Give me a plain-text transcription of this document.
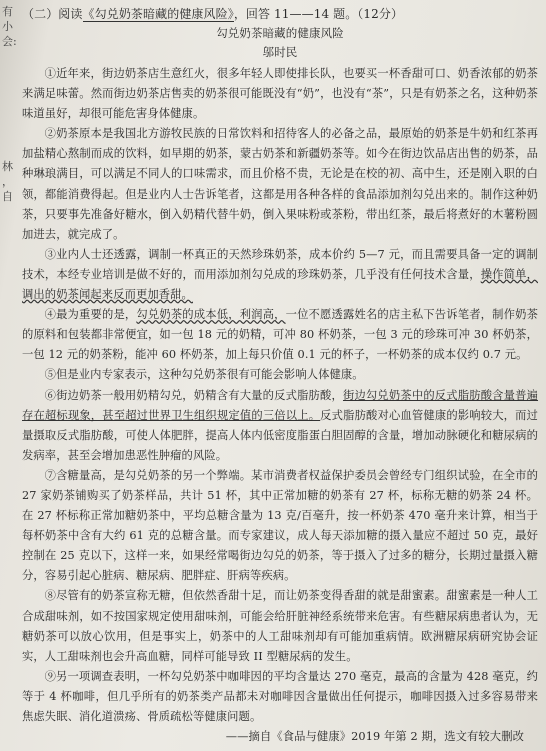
有
小
会:
林
，
自
（二）阅读《勾兑奶茶暗藏的健康风险》，回答 11——14 题。（12分）
勾兑奶茶暗藏的健康风险
邬时民

①近年来，街边奶茶店生意红火，很多年轻人即使排长队，也要买一杯香甜可口、奶香浓郁的奶茶来满足味蕾。然而街边奶茶店售卖的奶茶很可能既没有“奶”，也没有“茶”，只是有奶茶之名，这种奶茶味道虽好，却很可能危害身体健康。

②奶茶原本是我国北方游牧民族的日常饮料和招待客人的必备之品，最原始的奶茶是牛奶和红茶再加盐精心熬制而成的饮料，如早期的奶茶，蒙古奶茶和新疆奶茶等。如今在街边饮品店出售的奶茶，品种琳琅满目，可以满足不同人的口味需求，而且价格不贵，无论是在校的初、高中生，还是刚入职的白领，都能消费得起。但是业内人士告诉笔者，这都是用各种各样的食品添加剂勾兑出来的。制作这种奶茶，只要事先准备好糖水，倒入奶精代替牛奶，倒入果味粉或茶粉，带出红茶，最后将煮好的木薯粉圆加进去，就完成了。

③业内人士还透露，调制一杯真正的天然珍珠奶茶，成本价约 5—7 元，而且需要具备一定的调制技术，本经专业培训是做不好的，而用添加剂勾兑成的珍珠奶茶，几乎没有任何技术含量，操作简单，调出的奶茶闻起来反而更加香甜。

④最为重要的是，勾兑奶茶的成本低，利润高，一位不愿透露姓名的店主私下告诉笔者，制作奶茶的原料和包装都非常便宜，如一包 18 元的奶精，可冲 80 杯奶茶，一包 3 元的珍珠可冲 30 杯奶茶，一包 12 元的奶茶粉，能冲 60 杯奶茶，加上每只价值 0.1 元的杯子，一杯奶茶的成本仅约 0.7 元。

⑤但是业内专家表示，这种勾兑奶茶很有可能会影响人体健康。

⑥街边奶茶一般用奶精勾兑，奶精含有大量的反式脂肪酸，街边勾兑奶茶中的反式脂肪酸含量普遍存在超标现象，甚至超过世界卫生组织规定值的三倍以上。反式脂肪酸对心血管健康的影响较大，而过量摄取反式脂肪酸，可使人体肥胖，提高人体内低密度脂蛋白胆固醇的含量，增加动脉硬化和糖尿病的发病率，甚至会增加患恶性肿瘤的风险。

⑦含糖量高，是勾兑奶茶的另一个弊端。某市消费者权益保护委员会曾经专门组织试验，在全市的 27 家奶茶铺购买了奶茶样品，共计 51 杯，其中正常加糖的奶茶有 27 杯，标称无糖的奶茶 24 杯。在 27 杯标称正常加糖奶茶中，平均总糖含量为 13 克/百毫升，按一杯奶茶 470 毫升来计算，相当于每杯奶茶中含有大约 61 克的总糖含量。而专家建议，成人每天添加糖的摄入量应不超过 50 克，最好控制在 25 克以下，这样一来，如果经常喝街边勾兑的奶茶，等于摄入了过多的糖分，长期过量摄入糖分，容易引起心脏病、糖尿病、肥胖症、肝病等疾病。

⑧尽管有的奶茶宣称无糖，但依然香甜十足，而让奶茶变得香甜的就是甜蜜素。甜蜜素是一种人工合成甜味剂，如不按国家规定使用甜味剂，可能会给肝脏神经系统带来危害。有些糖尿病患者认为，无糖奶茶可以放心饮用，但是事实上，奶茶中的人工甜味剂却有可能加重病情。欧洲糖尿病研究协会证实，人工甜味剂也会升高血糖，同样可能导致 II 型糖尿病的发生。

⑨另一项调查表明，一杯勾兑奶茶中咖啡因的平均含量达 270 毫克，最高的含量为 428 毫克，约等于 4 杯咖啡，但几乎所有的奶茶类产品都未对咖啡因含量做出任何提示，咖啡因摄入过多容易带来焦虑失眠、消化道溃疡、骨质疏松等健康问题。

——摘自《食品与健康》2019 年第 2 期，选文有较大删改
